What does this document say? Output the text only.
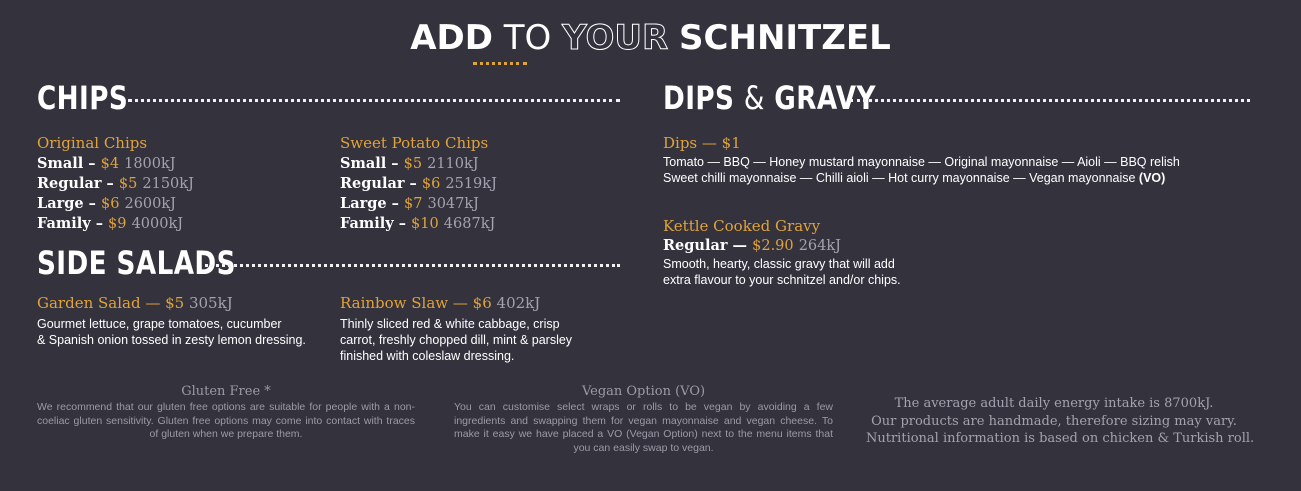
ADD TO YOUR SCHNITZEL
CHIPS
Original Chips
Small – $4 1800kJ
Regular – $5 2150kJ
Large – $6 2600kJ
Family – $9 4000kJ
Sweet Potato Chips
Small – $5 2110kJ
Regular – $6 2519kJ
Large – $7 3047kJ
Family – $10 4687kJ
SIDE SALADS
Garden Salad — $5 305kJ
Gourmet lettuce, grape tomatoes, cucumber
& Spanish onion tossed in zesty lemon dressing.
Rainbow Slaw — $6 402kJ
Thinly sliced red & white cabbage, crisp
carrot, freshly chopped dill, mint & parsley
finished with coleslaw dressing.
DIPS & GRAVY
Dips — $1
Tomato — BBQ — Honey mustard mayonnaise — Original mayonnaise — Aioli — BBQ relish
Sweet chilli mayonnaise — Chilli aioli — Hot curry mayonnaise — Vegan mayonnaise (VO)
Kettle Cooked Gravy
Regular — $2.90 264kJ
Smooth, hearty, classic gravy that will add
extra flavour to your schnitzel and/or chips.
Gluten Free *
We recommend that our gluten free options are suitable for people with a non-coeliac gluten sensitivity. Gluten free options may come into contact with traces of gluten when we prepare them.
Vegan Option (VO)
You can customise select wraps or rolls to be vegan by avoiding a few ingredients and swapping them for vegan mayonnaise and vegan cheese. To make it easy we have placed a VO (Vegan Option) next to the menu items that you can easily swap to vegan.
The average adult daily energy intake is 8700kJ.
Our products are handmade, therefore sizing may vary.
Nutritional information is based on chicken & Turkish roll.
